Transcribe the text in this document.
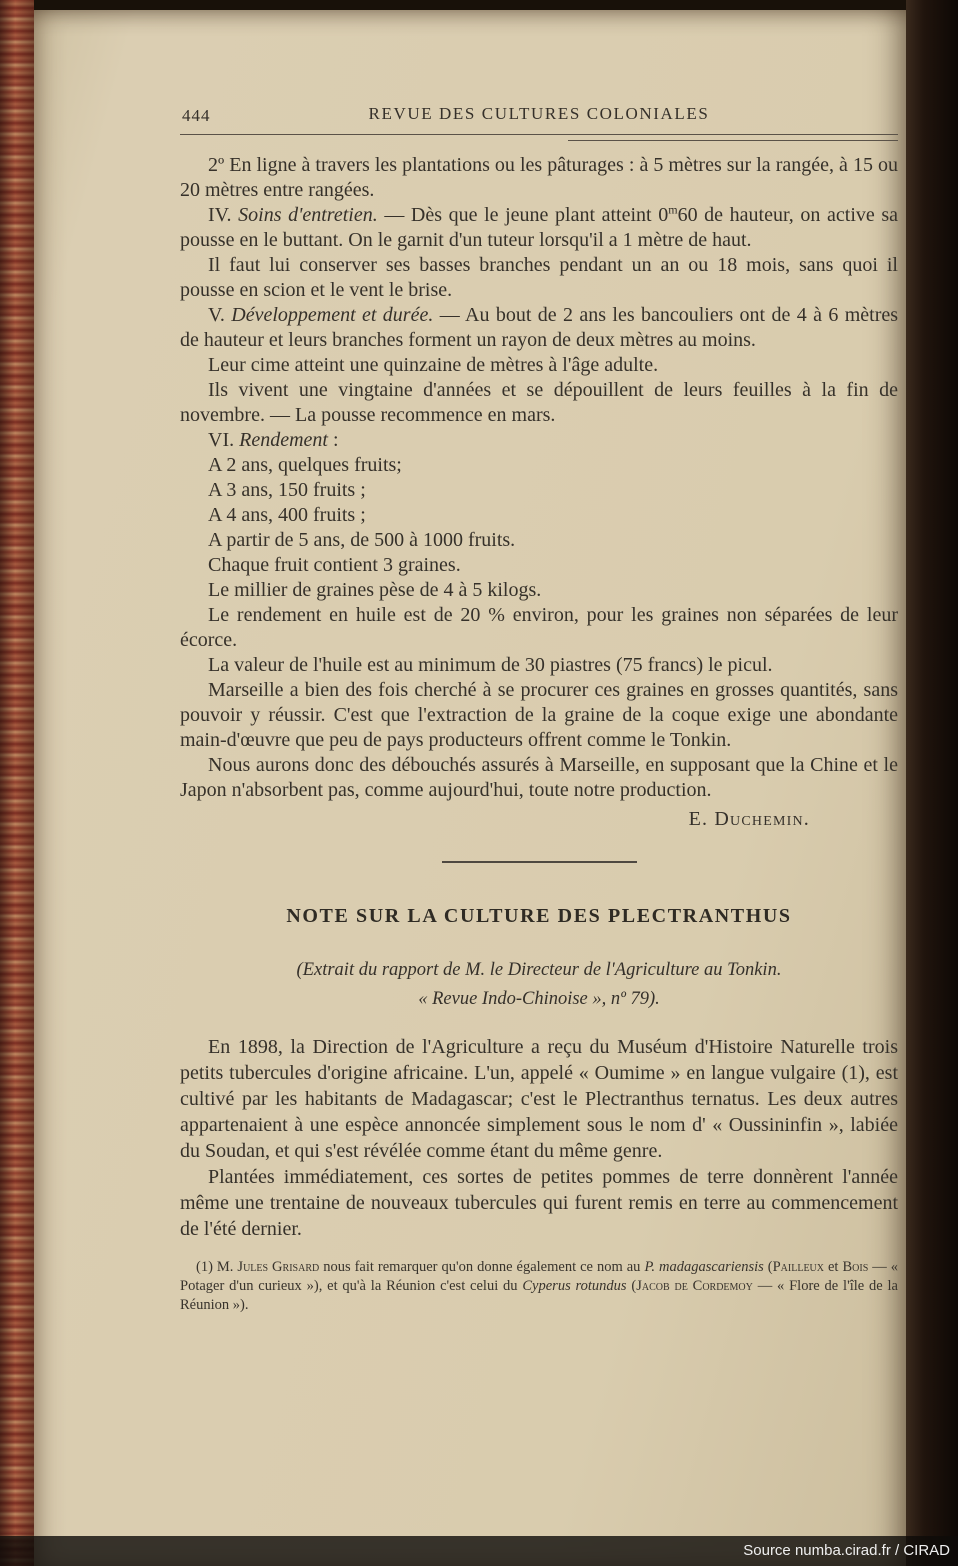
444	REVUE DES CULTURES COLONIALES

2º En ligne à travers les plantations ou les pâturages : à 5 mètres sur la rangée, à 15 ou 20 mètres entre rangées.

IV. Soins d'entretien. — Dès que le jeune plant atteint 0$^m$60 de hauteur, on active sa pousse en le buttant. On le garnit d'un tuteur lorsqu'il a 1 mètre de haut.

Il faut lui conserver ses basses branches pendant un an ou 18 mois, sans quoi il pousse en scion et le vent le brise.

V. Développement et durée. — Au bout de 2 ans les bancouliers ont de 4 à 6 mètres de hauteur et leurs branches forment un rayon de deux mètres au moins.

Leur cime atteint une quinzaine de mètres à l'âge adulte.

Ils vivent une vingtaine d'années et se dépouillent de leurs feuilles à la fin de novembre. — La pousse recommence en mars.

VI. Rendement :

A 2 ans, quelques fruits;

A 3 ans, 150 fruits ;

A 4 ans, 400 fruits ;

A partir de 5 ans, de 500 à 1000 fruits.

Chaque fruit contient 3 graines.

Le millier de graines pèse de 4 à 5 kilogs.

Le rendement en huile est de 20 % environ, pour les graines non séparées de leur écorce.

La valeur de l'huile est au minimum de 30 piastres (75 francs) le picul.

Marseille a bien des fois cherché à se procurer ces graines en grosses quantités, sans pouvoir y réussir. C'est que l'extraction de la graine de la coque exige une abondante main-d'œuvre que peu de pays producteurs offrent comme le Tonkin.

Nous aurons donc des débouchés assurés à Marseille, en supposant que la Chine et le Japon n'absorbent pas, comme aujourd'hui, toute notre production.

E. Duchemin.

NOTE SUR LA CULTURE DES PLECTRANTHUS

(Extrait du rapport de M. le Directeur de l'Agriculture au Tonkin.

« Revue Indo-Chinoise », nº 79).

En 1898, la Direction de l'Agriculture a reçu du Muséum d'Histoire Naturelle trois petits tubercules d'origine africaine. L'un, appelé « Oumime » en langue vulgaire (1), est cultivé par les habitants de Madagascar; c'est le Plectranthus ternatus. Les deux autres appartenaient à une espèce annoncée simplement sous le nom d' « Oussininfin », labiée du Soudan, et qui s'est révélée comme étant du même genre.

Plantées immédiatement, ces sortes de petites pommes de terre donnèrent l'année même une trentaine de nouveaux tubercules qui furent remis en terre au commencement de l'été dernier.

(1) M. Jules Grisard nous fait remarquer qu'on donne également ce nom au P. madagascariensis (Pailleux et Bois — « Potager d'un curieux »), et qu'à la Réunion c'est celui du Cyperus rotundus (Jacob de Cordemoy — « Flore de l'île de la Réunion »).

Source numba.cirad.fr / CIRAD
